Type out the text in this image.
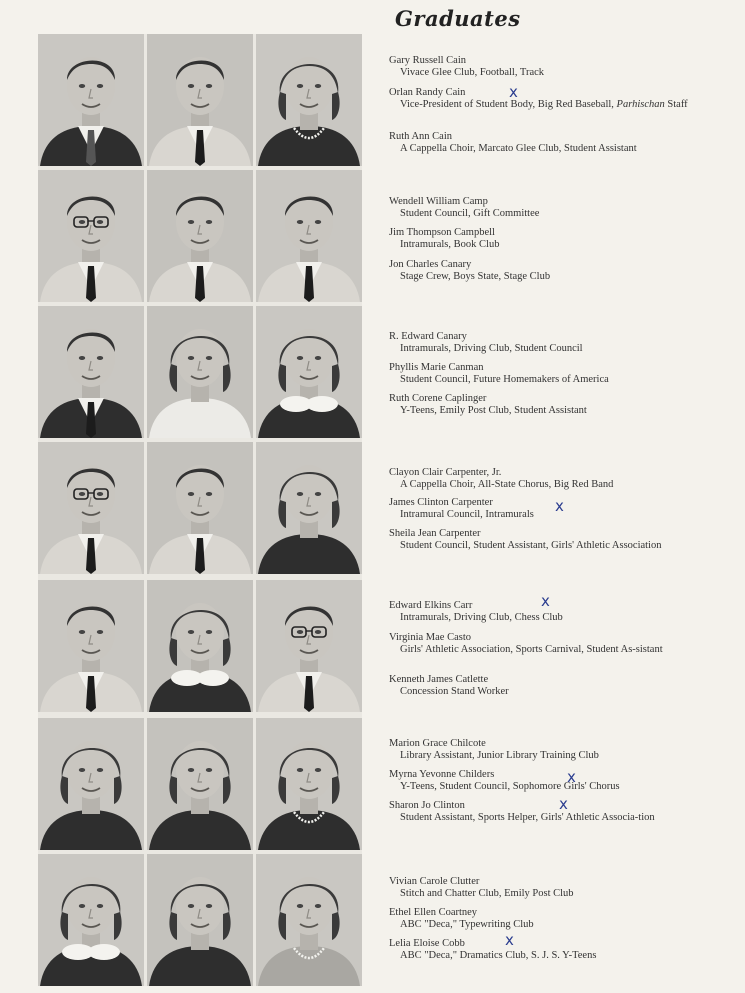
Graduates
Gary Russell Cain
Vivace Glee Club, Football, Track
Orlan Randy Cain
Vice-President of Student Body, Big Red Baseball, Parhischan Staff
x
Ruth Ann Cain
A Cappella Choir, Marcato Glee Club, Student Assistant
Wendell William Camp
Student Council, Gift Committee
Jim Thompson Campbell
Intramurals, Book Club
Jon Charles Canary
Stage Crew, Boys State, Stage Club
R. Edward Canary
Intramurals, Driving Club, Student Council
Phyllis Marie Canman
Student Council, Future Homemakers of America
Ruth Corene Caplinger
Y-Teens, Emily Post Club, Student Assistant
Clayon Clair Carpenter, Jr.
A Cappella Choir, All-State Chorus, Big Red Band
James Clinton Carpenter
Intramural Council, Intramurals	x
Sheila Jean Carpenter
Student Council, Student Assistant, Girls' Athletic Association
Edward Elkins Carr
Intramurals, Driving Club, Chess Club
x
Virginia Mae Casto
Girls' Athletic Association, Sports Carnival, Student As-sistant
Kenneth James Catlette
Concession Stand Worker
Marion Grace Chilcote
Library Assistant, Junior Library Training Club
Myrna Yevonne Childers
Y-Teens, Student Council, Sophomore Girls' Chorus
x
Sharon Jo Clinton
Student Assistant, Sports Helper, Girls' Athletic Associa-tion
x
Vivian Carole Clutter
Stitch and Chatter Club, Emily Post Club
Ethel Ellen Coartney
ABC "Deca," Typewriting Club
Lelia Eloise Cobb
ABC "Deca," Dramatics Club, S. J. S. Y-Teens
x
